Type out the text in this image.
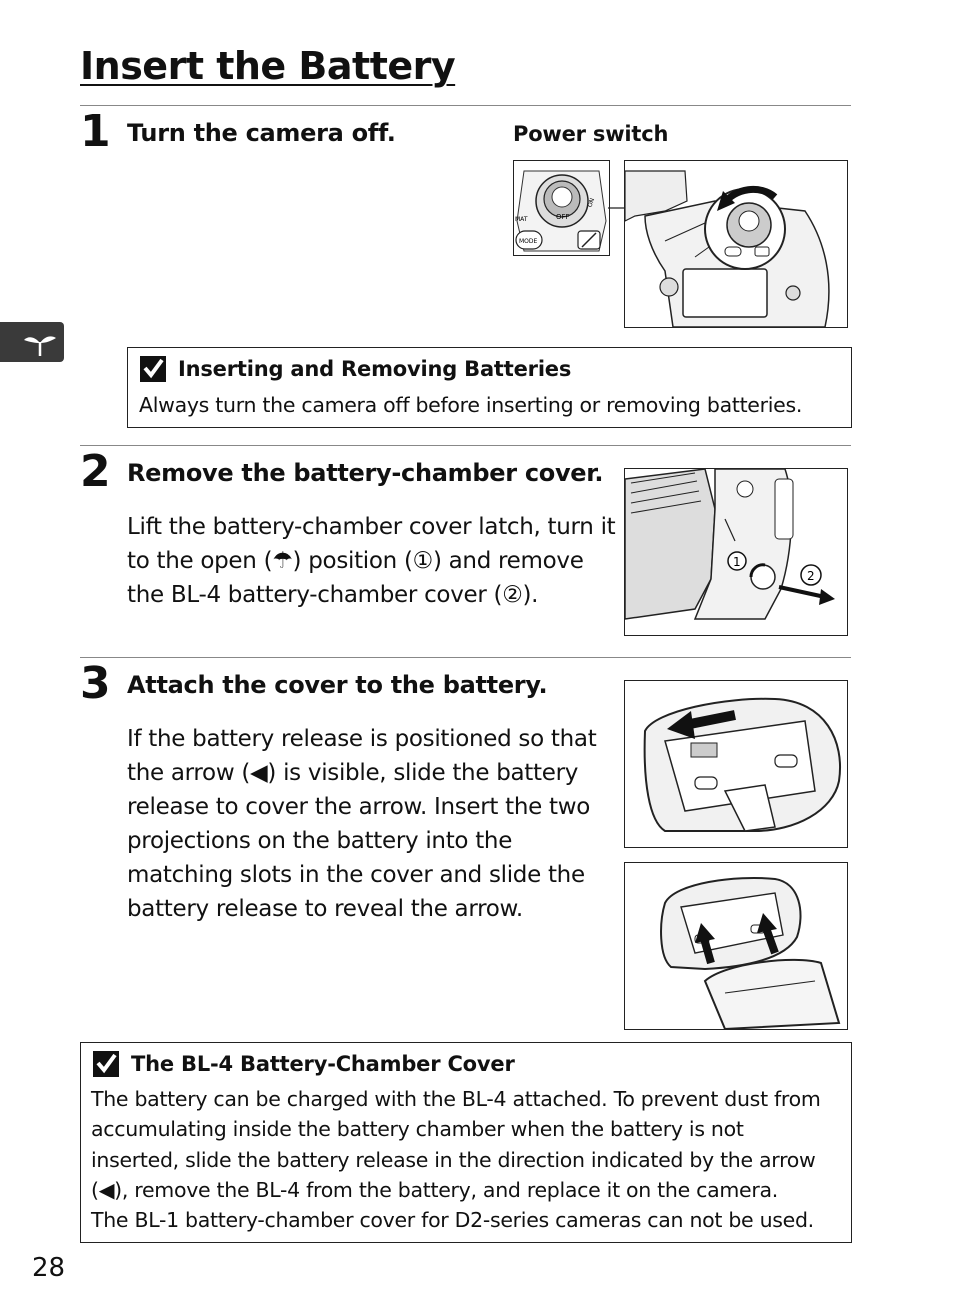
Insert the Battery
1 Turn the camera off.	Power switch
OFF
ON
MAT
MODE
Inserting and Removing Batteries
Always turn the camera off before inserting or removing batteries.
2 Remove the battery-chamber cover.
Lift the battery-chamber cover latch, turn it
to the open (☂) position (①) and remove
the BL-4 battery-chamber cover (②).
1
2
3 Attach the cover to the battery.
If the battery release is positioned so that
the arrow (◀) is visible, slide the battery
release to cover the arrow. Insert the two
projections on the battery into the
matching slots in the cover and slide the
battery release to reveal the arrow.
The BL-4 Battery-Chamber Cover
The battery can be charged with the BL-4 attached. To prevent dust from
accumulating inside the battery chamber when the battery is not
inserted, slide the battery release in the direction indicated by the arrow
(◀), remove the BL-4 from the battery, and replace it on the camera.
The BL-1 battery-chamber cover for D2-series cameras can not be used.
28
